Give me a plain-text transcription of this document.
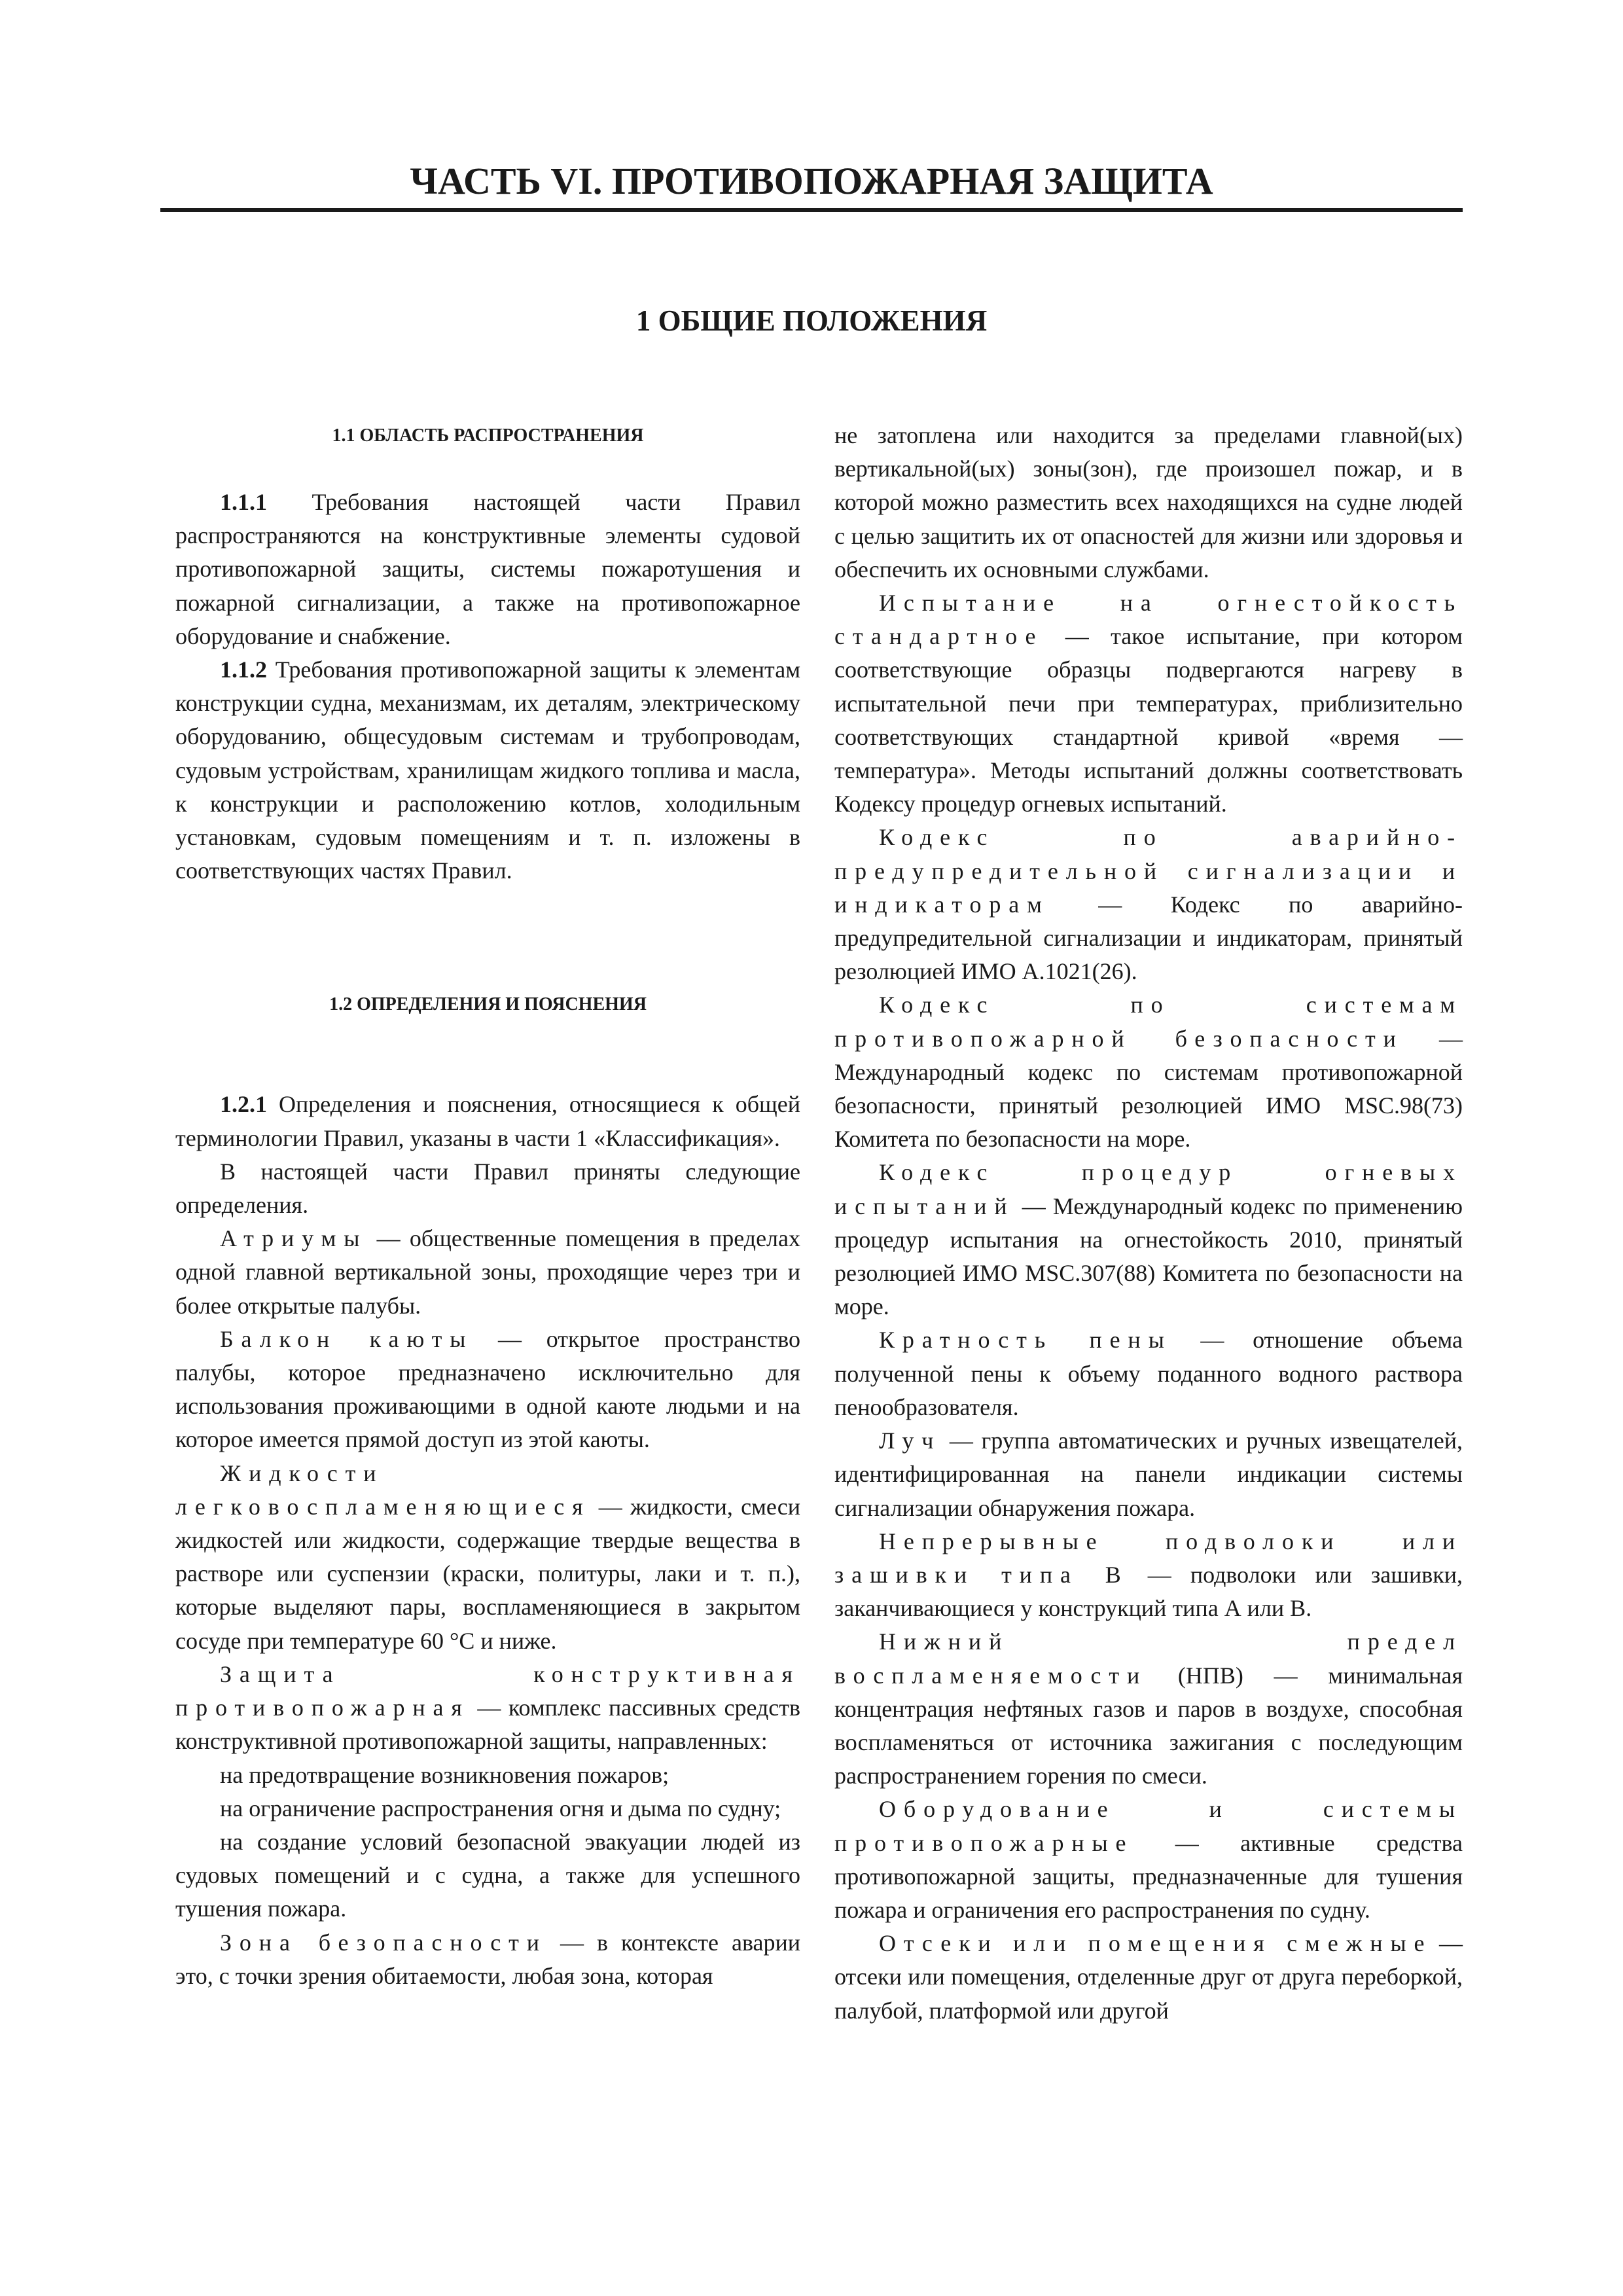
ЧАСТЬ VI. ПРОТИВОПОЖАРНАЯ ЗАЩИТА
1 ОБЩИЕ ПОЛОЖЕНИЯ
1.1 ОБЛАСТЬ РАСПРОСТРАНЕНИЯ

1.1.1 Требования настоящей части Правил распространяются на конструктивные элементы судовой противопожарной защиты, системы пожаротушения и пожарной сигнализации, а также на противопожарное оборудование и снабжение.

1.1.2 Требования противопожарной защиты к элементам конструкции судна, механизмам, их деталям, электрическому оборудованию, общесудовым системам и трубопроводам, судовым устройствам, хранилищам жидкого топлива и масла, к конструкции и расположению котлов, холодильным установкам, судовым помещениям и т. п. изложены в соответствующих частях Правил.

1.2 ОПРЕДЕЛЕНИЯ И ПОЯСНЕНИЯ

1.2.1 Определения и пояснения, относящиеся к общей терминологии Правил, указаны в части 1 «Классификация».

В настоящей части Правил приняты следующие определения.

Атриумы — общественные помещения в пределах одной главной вертикальной зоны, проходящие через три и более открытые палубы.

Балкон каюты — открытое пространство палубы, которое предназначено исключительно для использования проживающими в одной каюте людьми и на которое имеется прямой доступ из этой каюты.

Жидкости легковоспламеняющиеся — жидкости, смеси жидкостей или жидкости, содержащие твердые вещества в растворе или суспензии (краски, политуры, лаки и т. п.), которые выделяют пары, воспламеняющиеся в закрытом сосуде при температуре 60 °С и ниже.

Защита конструктивная противопожарная — комплекс пассивных средств конструктивной противопожарной защиты, направленных:

на предотвращение возникновения пожаров;

на ограничение распространения огня и дыма по судну;

на создание условий безопасной эвакуации людей из судовых помещений и с судна, а также для успешного тушения пожара.

Зона безопасности — в контексте аварии это, с точки зрения обитаемости, любая зона, которая

не затоплена или находится за пределами главной(ых) вертикальной(ых) зоны(зон), где произошел пожар, и в которой можно разместить всех находящихся на судне людей с целью защитить их от опасностей для жизни или здоровья и обеспечить их основными службами.

Испытание на огнестойкость стандартное — такое испытание, при котором соответствующие образцы подвергаются нагреву в испытательной печи при температурах, приблизительно соответствующих стандартной кривой «время — температура». Методы испытаний должны соответствовать Кодексу процедур огневых испытаний.

Кодекс по аварийно-предупредительной сигнализации и индикаторам — Кодекс по аварийно-предупредительной сигнализации и индикаторам, принятый резолюцией ИМО А.1021(26).

Кодекс по системам противопожарной безопасности — Международный кодекс по системам противопожарной безопасности, принятый резолюцией ИМО MSC.98(73) Комитета по безопасности на море.

Кодекс процедур огневых испытаний — Международный кодекс по применению процедур испытания на огнестойкость 2010, принятый резолюцией ИМО MSC.307(88) Комитета по безопасности на море.

Кратность пены — отношение объема полученной пены к объему поданного водного раствора пенообразователя.

Луч — группа автоматических и ручных извещателей, идентифицированная на панели индикации системы сигнализации обнаружения пожара.

Непрерывные подволоки или зашивки типа В — подволоки или зашивки, заканчивающиеся у конструкций типа А или В.

Нижний предел воспламеняемости (НПВ) — минимальная концентрация нефтяных газов и паров в воздухе, способная воспламеняться от источника зажигания с последующим распространением горения по смеси.

Оборудование и системы противопожарные — активные средства противопожарной защиты, предназначенные для тушения пожара и ограничения его распространения по судну.

Отсеки или помещения смежные — отсеки или помещения, отделенные друг от друга переборкой, палубой, платформой или другой
